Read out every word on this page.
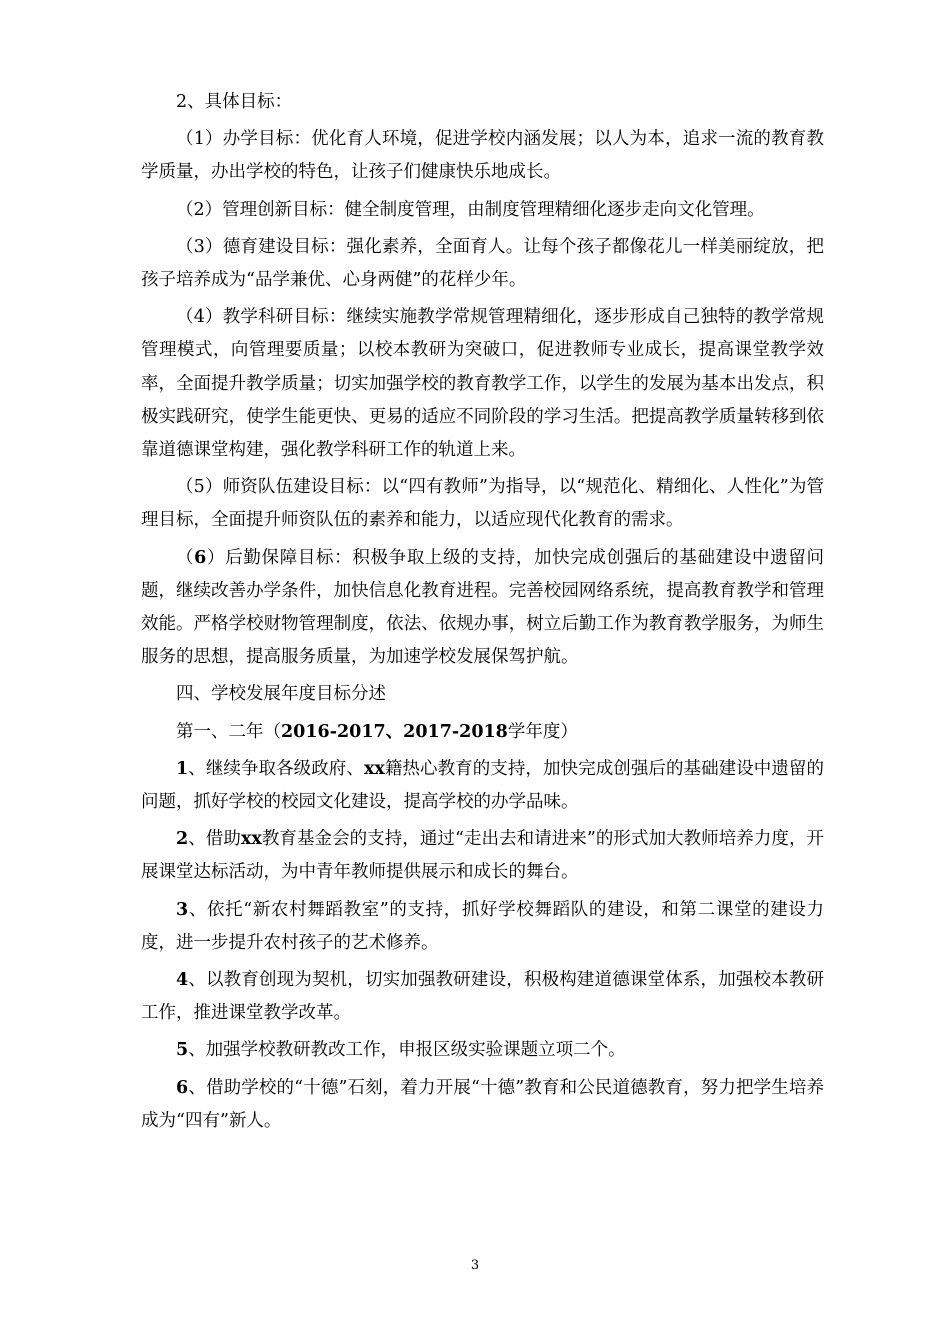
2、具体目标：

（1）办学目标：优化育人环境，促进学校内涵发展；以人为本，追求一流的教育教学质量，办出学校的特色，让孩子们健康快乐地成长。

（2）管理创新目标：健全制度管理，由制度管理精细化逐步走向文化管理。

（3）德育建设目标：强化素养，全面育人。让每个孩子都像花儿一样美丽绽放，把孩子培养成为“品学兼优、心身两健”的花样少年。

（4）教学科研目标：继续实施教学常规管理精细化，逐步形成自己独特的教学常规管理模式，向管理要质量；以校本教研为突破口，促进教师专业成长，提高课堂教学效率，全面提升教学质量；切实加强学校的教育教学工作，以学生的发展为基本出发点，积极实践研究，使学生能更快、更易的适应不同阶段的学习生活。把提高教学质量转移到依靠道德课堂构建，强化教学科研工作的轨道上来。

（5）师资队伍建设目标：以“四有教师”为指导，以“规范化、精细化、人性化”为管理目标，全面提升师资队伍的素养和能力，以适应现代化教育的需求。

（6）后勤保障目标：积极争取上级的支持，加快完成创强后的基础建设中遗留问题，继续改善办学条件，加快信息化教育进程。完善校园网络系统，提高教育教学和管理效能。严格学校财物管理制度，依法、依规办事，树立后勤工作为教育教学服务，为师生服务的思想，提高服务质量，为加速学校发展保驾护航。

四、学校发展年度目标分述

第一、二年（2016-2017、2017-2018学年度）

1、继续争取各级政府、xx籍热心教育的支持，加快完成创强后的基础建设中遗留的问题，抓好学校的校园文化建设，提高学校的办学品味。

2、借助xx教育基金会的支持，通过“走出去和请进来”的形式加大教师培养力度，开展课堂达标活动，为中青年教师提供展示和成长的舞台。

3、依托“新农村舞蹈教室”的支持，抓好学校舞蹈队的建设，和第二课堂的建设力度，进一步提升农村孩子的艺术修养。

4、以教育创现为契机，切实加强教研建设，积极构建道德课堂体系，加强校本教研工作，推进课堂教学改革。

5、加强学校教研教改工作，申报区级实验课题立项二个。

6、借助学校的“十德”石刻，着力开展“十德”教育和公民道德教育，努力把学生培养成为“四有”新人。

3
